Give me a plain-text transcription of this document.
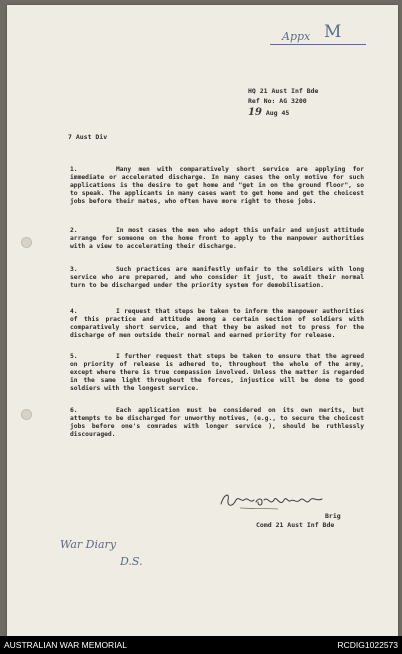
Appx M
HQ 21 Aust Inf Bde
Ref No: AG 3200
19 Aug 45
7 Aust Div
1.	Many men with comparatively short service are applying for immediate or accelerated discharge. In many cases the only motive for such applications is the desire to get home and "get in on the ground floor", so to speak. The applicants in many cases want to get home and get the choicest jobs before their mates, who often have more right to those jobs.
2.	In most cases the men who adopt this unfair and unjust attitude arrange for someone on the home front to apply to the manpower authorities with a view to accelerating their discharge.
3.	Such practices are manifestly unfair to the soldiers with long service who are prepared, and who consider it just, to await their normal turn to be discharged under the priority system for demobilisation.
4.	I request that steps be taken to inform the manpower authorities of this practice and attitude among a certain section of soldiers with comparatively short service, and that they be asked not to press for the discharge of men outside their normal and earned priority for release.
5.	I further request that steps be taken to ensure that the agreed on priority of release is adhered to, throughout the whole of the army, except where there is true compassion involved. Unless the matter is regarded in the same light throughout the forces, injustice will be done to good soldiers with the longest service.
6.	Each application must be considered on its own merits, but attempts to be discharged for unworthy motives, (e.g., to secure the choicest jobs before one's comrades with longer service ), should be ruthlessly discouraged.
Brig
Comd 21 Aust Inf Bde
War Diary
D.S.
AUSTRALIAN WAR MEMORIAL	RCDIG1022573
